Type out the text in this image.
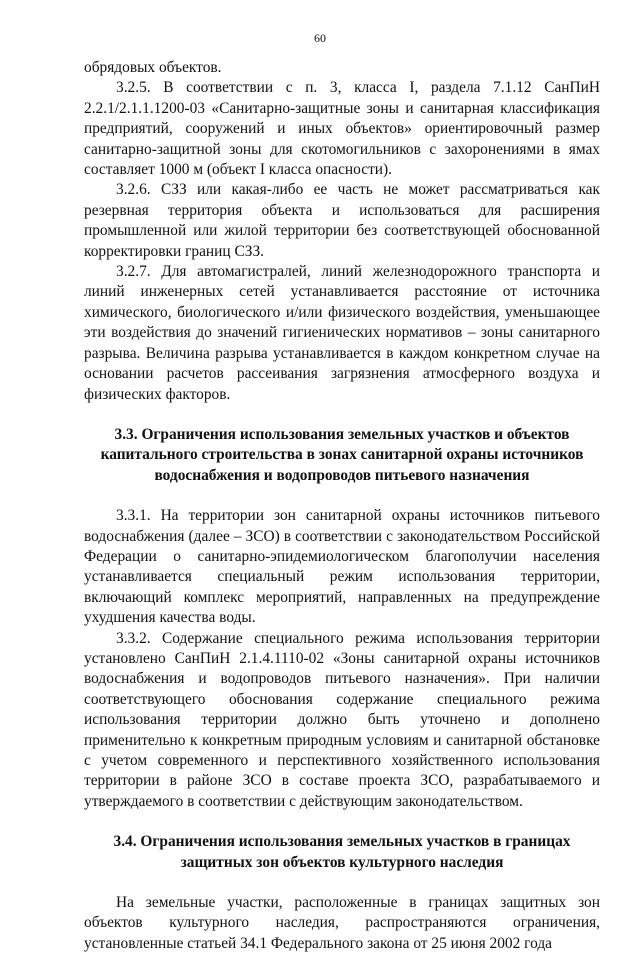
60

обрядовых объектов.

3.2.5. В соответствии с п. 3, класса I, раздела 7.1.12 СанПиН 2.2.1/2.1.1.1200-03 «Санитарно-защитные зоны и санитарная классификация предприятий, сооружений и иных объектов» ориентировочный размер санитарно-защитной зоны для скотомогильников с захоронениями в ямах составляет 1000 м (объект I класса опасности).

3.2.6. СЗЗ или какая-либо ее часть не может рассматриваться как резервная территория объекта и использоваться для расширения промышленной или жилой территории без соответствующей обоснованной корректировки границ СЗЗ.

3.2.7. Для автомагистралей, линий железнодорожного транспорта и линий инженерных сетей устанавливается расстояние от источника химического, биологического и/или физического воздействия, уменьшающее эти воздействия до значений гигиенических нормативов – зоны санитарного разрыва. Величина разрыва устанавливается в каждом конкретном случае на основании расчетов рассеивания загрязнения атмосферного воздуха и физических факторов.

3.3. Ограничения использования земельных участков и объектов капитального строительства в зонах санитарной охраны источников водоснабжения и водопроводов питьевого назначения

3.3.1. На территории зон санитарной охраны источников питьевого водоснабжения (далее – ЗСО) в соответствии с законодательством Российской Федерации о санитарно-эпидемиологическом благополучии населения устанавливается специальный режим использования территории, включающий комплекс мероприятий, направленных на предупреждение ухудшения качества воды.

3.3.2. Содержание специального режима использования территории установлено СанПиН 2.1.4.1110-02 «Зоны санитарной охраны источников водоснабжения и водопроводов питьевого назначения». При наличии соответствующего обоснования содержание специального режима использования территории должно быть уточнено и дополнено применительно к конкретным природным условиям и санитарной обстановке с учетом современного и перспективного хозяйственного использования территории в районе ЗСО в составе проекта ЗСО, разрабатываемого и утверждаемого в соответствии с действующим законодательством.

3.4. Ограничения использования земельных участков в границах защитных зон объектов культурного наследия

На земельные участки, расположенные в границах защитных зон объектов культурного наследия, распространяются ограничения, установленные статьей 34.1 Федерального закона от 25 июня 2002 года
